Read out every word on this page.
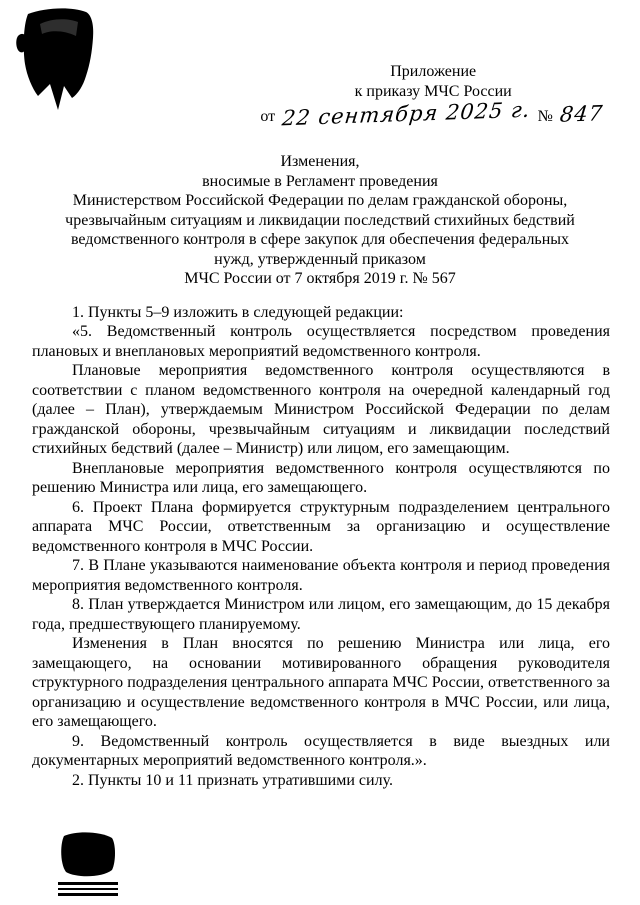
Приложение
к приказу МЧС России
от 22 сентября 2025 г. № 847
Изменения,
вносимые в Регламент проведения
Министерством Российской Федерации по делам гражданской обороны,
чрезвычайным ситуациям и ликвидации последствий стихийных бедствий
ведомственного контроля в сфере закупок для обеспечения федеральных
нужд, утвержденный приказом
МЧС России от 7 октября 2019 г. № 567

1. Пункты 5–9 изложить в следующей редакции:

«5. Ведомственный контроль осуществляется посредством проведения плановых и внеплановых мероприятий ведомственного контроля.

Плановые мероприятия ведомственного контроля осуществляются в соответствии с планом ведомственного контроля на очередной календарный год (далее – План), утверждаемым Министром Российской Федерации по делам гражданской обороны, чрезвычайным ситуациям и ликвидации последствий стихийных бедствий (далее – Министр) или лицом, его замещающим.

Внеплановые мероприятия ведомственного контроля осуществляются по решению Министра или лица, его замещающего.

6. Проект Плана формируется структурным подразделением центрального аппарата МЧС России, ответственным за организацию и осуществление ведомственного контроля в МЧС России.

7. В Плане указываются наименование объекта контроля и период проведения мероприятия ведомственного контроля.

8. План утверждается Министром или лицом, его замещающим, до 15 декабря года, предшествующего планируемому.

Изменения в План вносятся по решению Министра или лица, его замещающего, на основании мотивированного обращения руководителя структурного подразделения центрального аппарата МЧС России, ответственного за организацию и осуществление ведомственного контроля в МЧС России, или лица, его замещающего.

9. Ведомственный контроль осуществляется в виде выездных или документарных мероприятий ведомственного контроля.».

2. Пункты 10 и 11 признать утратившими силу.
